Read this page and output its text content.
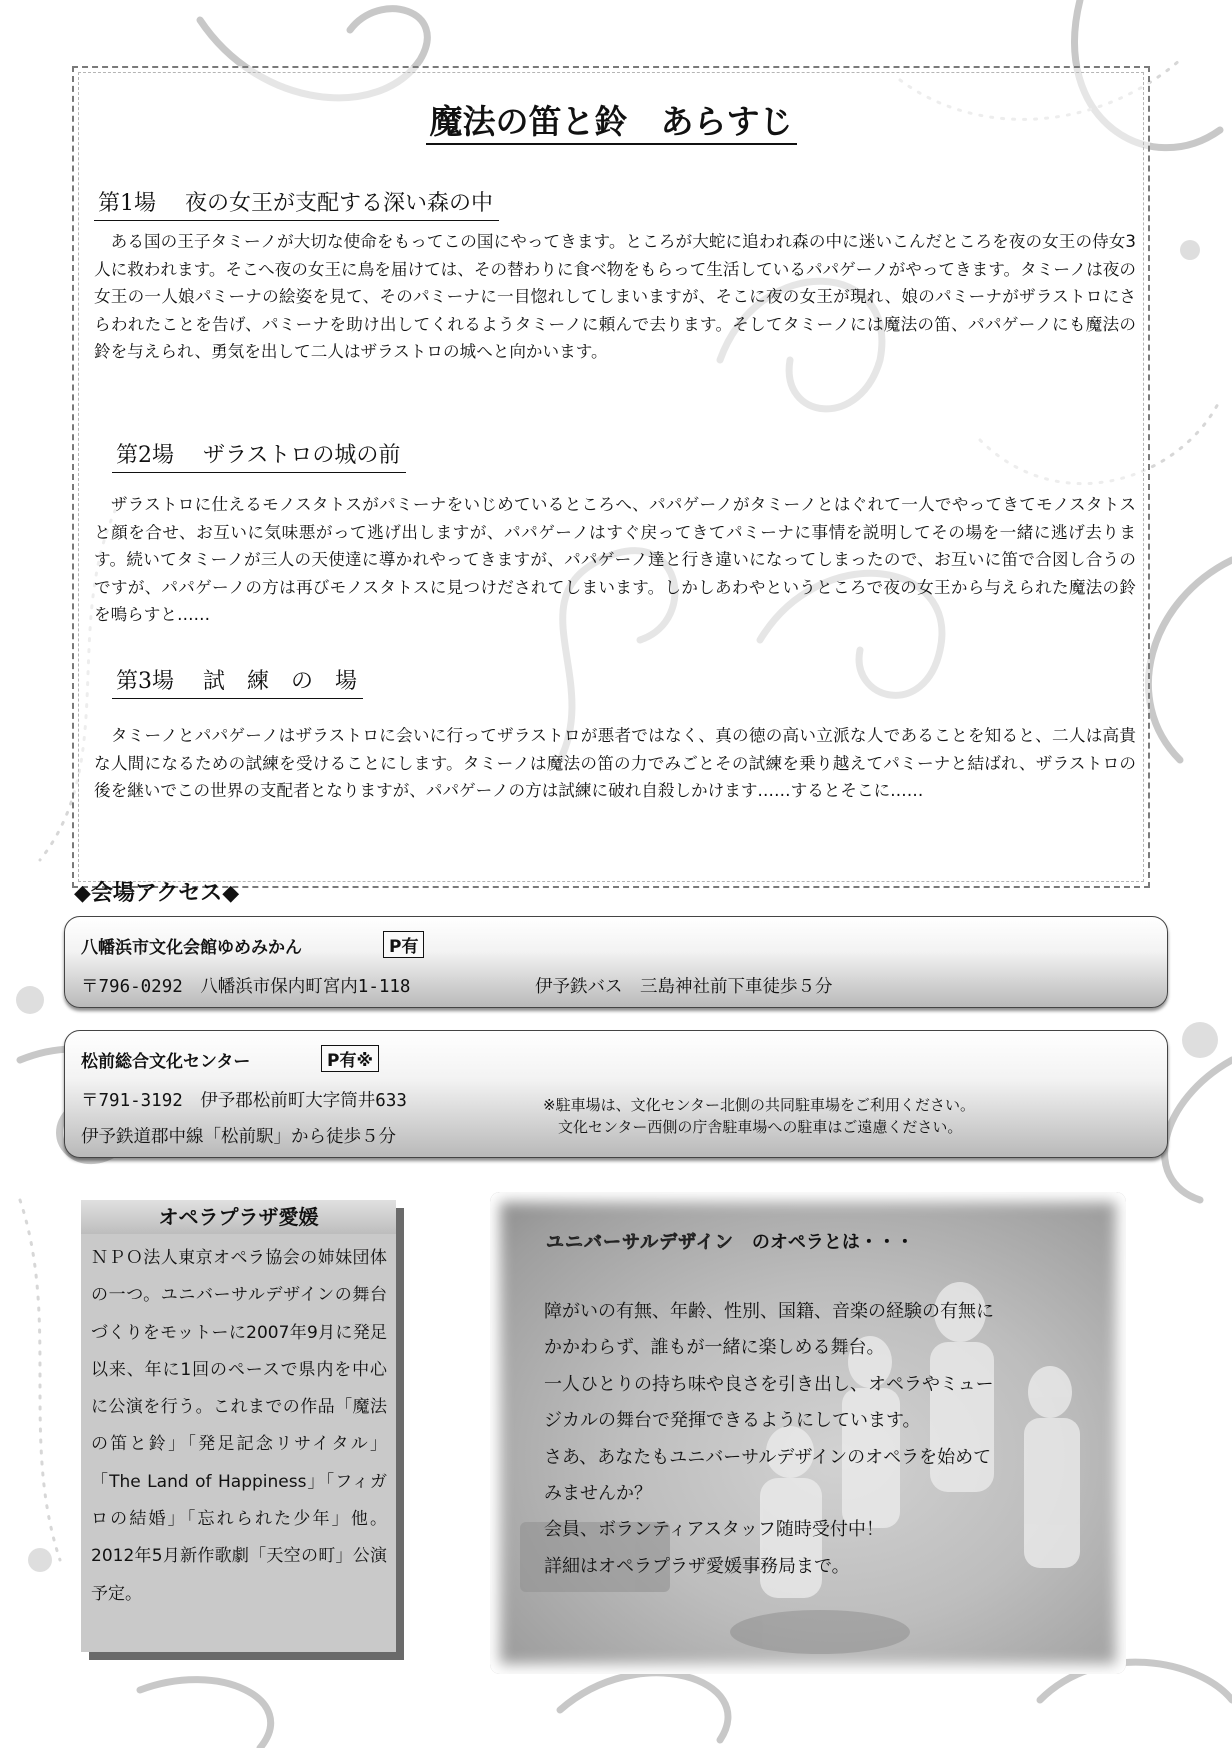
魔法の笛と鈴　あらすじ
第1場　 夜の女王が支配する深い森の中

　ある国の王子タミーノが大切な使命をもってこの国にやってきます。ところが大蛇に追われ森の中に迷いこんだところを夜の女王の侍女3人に救われます。そこへ夜の女王に鳥を届けては、その替わりに食べ物をもらって生活しているパパゲーノがやってきます。タミーノは夜の女王の一人娘パミーナの絵姿を見て、そのパミーナに一目惚れしてしまいますが、そこに夜の女王が現れ、娘のパミーナがザラストロにさらわれたことを告げ、パミーナを助け出してくれるようタミーノに頼んで去ります。そしてタミーノには魔法の笛、パパゲーノにも魔法の鈴を与えられ、勇気を出して二人はザラストロの城へと向かいます。

第2場　 ザラストロの城の前

　ザラストロに仕えるモノスタトスがパミーナをいじめているところへ、パパゲーノがタミーノとはぐれて一人でやってきてモノスタトスと顔を合せ、お互いに気味悪がって逃げ出しますが、パパゲーノはすぐ戻ってきてパミーナに事情を説明してその場を一緒に逃げ去ります。続いてタミーノが三人の天使達に導かれやってきますが、パパゲーノ達と行き違いになってしまったので、お互いに笛で合図し合うのですが、パパゲーノの方は再びモノスタトスに見つけだされてしまいます。しかしあわやというところで夜の女王から与えられた魔法の鈴を鳴らすと……

第3場　 試　練　の　場

　タミーノとパパゲーノはザラストロに会いに行ってザラストロが悪者ではなく、真の徳の高い立派な人であることを知ると、二人は高貴な人間になるための試練を受けることにします。タミーノは魔法の笛の力でみごとその試練を乗り越えてパミーナと結ばれ、ザラストロの後を継いでこの世界の支配者となりますが、パパゲーノの方は試練に破れ自殺しかけます……するとそこに……

◆会場アクセス◆
八幡浜市文化会館ゆめみかん	P有
〒796-0292　八幡浜市保内町宮内1-118	伊予鉄バス　三島神社前下車徒歩５分
松前総合文化センター	P有※
〒791-3192　伊予郡松前町大字筒井633
伊予鉄道郡中線「松前駅」から徒歩５分
※駐車場は、文化センター北側の共同駐車場をご利用ください。
　文化センター西側の庁舎駐車場への駐車はご遠慮ください。
オペラプラザ愛媛
ＮＰＯ法人東京オペラ協会の姉妹団体の一つ。ユニバーサルデザインの舞台づくりをモットーに2007年9月に発足以来、年に1回のペースで県内を中心に公演を行う。これまでの作品「魔法の笛と鈴」「発足記念リサイタル」「The Land of Happiness」「フィガロの結婚」「忘れられた少年」他。2012年5月新作歌劇「天空の町」公演予定。
ユニバーサルデザイン　のオペラとは・・・
障がいの有無、年齢、性別、国籍、音楽の経験の有無に
かかわらず、誰もが一緒に楽しめる舞台。
一人ひとりの持ち味や良さを引き出し、オペラやミュー
ジカルの舞台で発揮できるようにしています。
さあ、あなたもユニバーサルデザインのオペラを始めて
みませんか？
会員、ボランティアスタッフ随時受付中！
詳細はオペラプラザ愛媛事務局まで。
